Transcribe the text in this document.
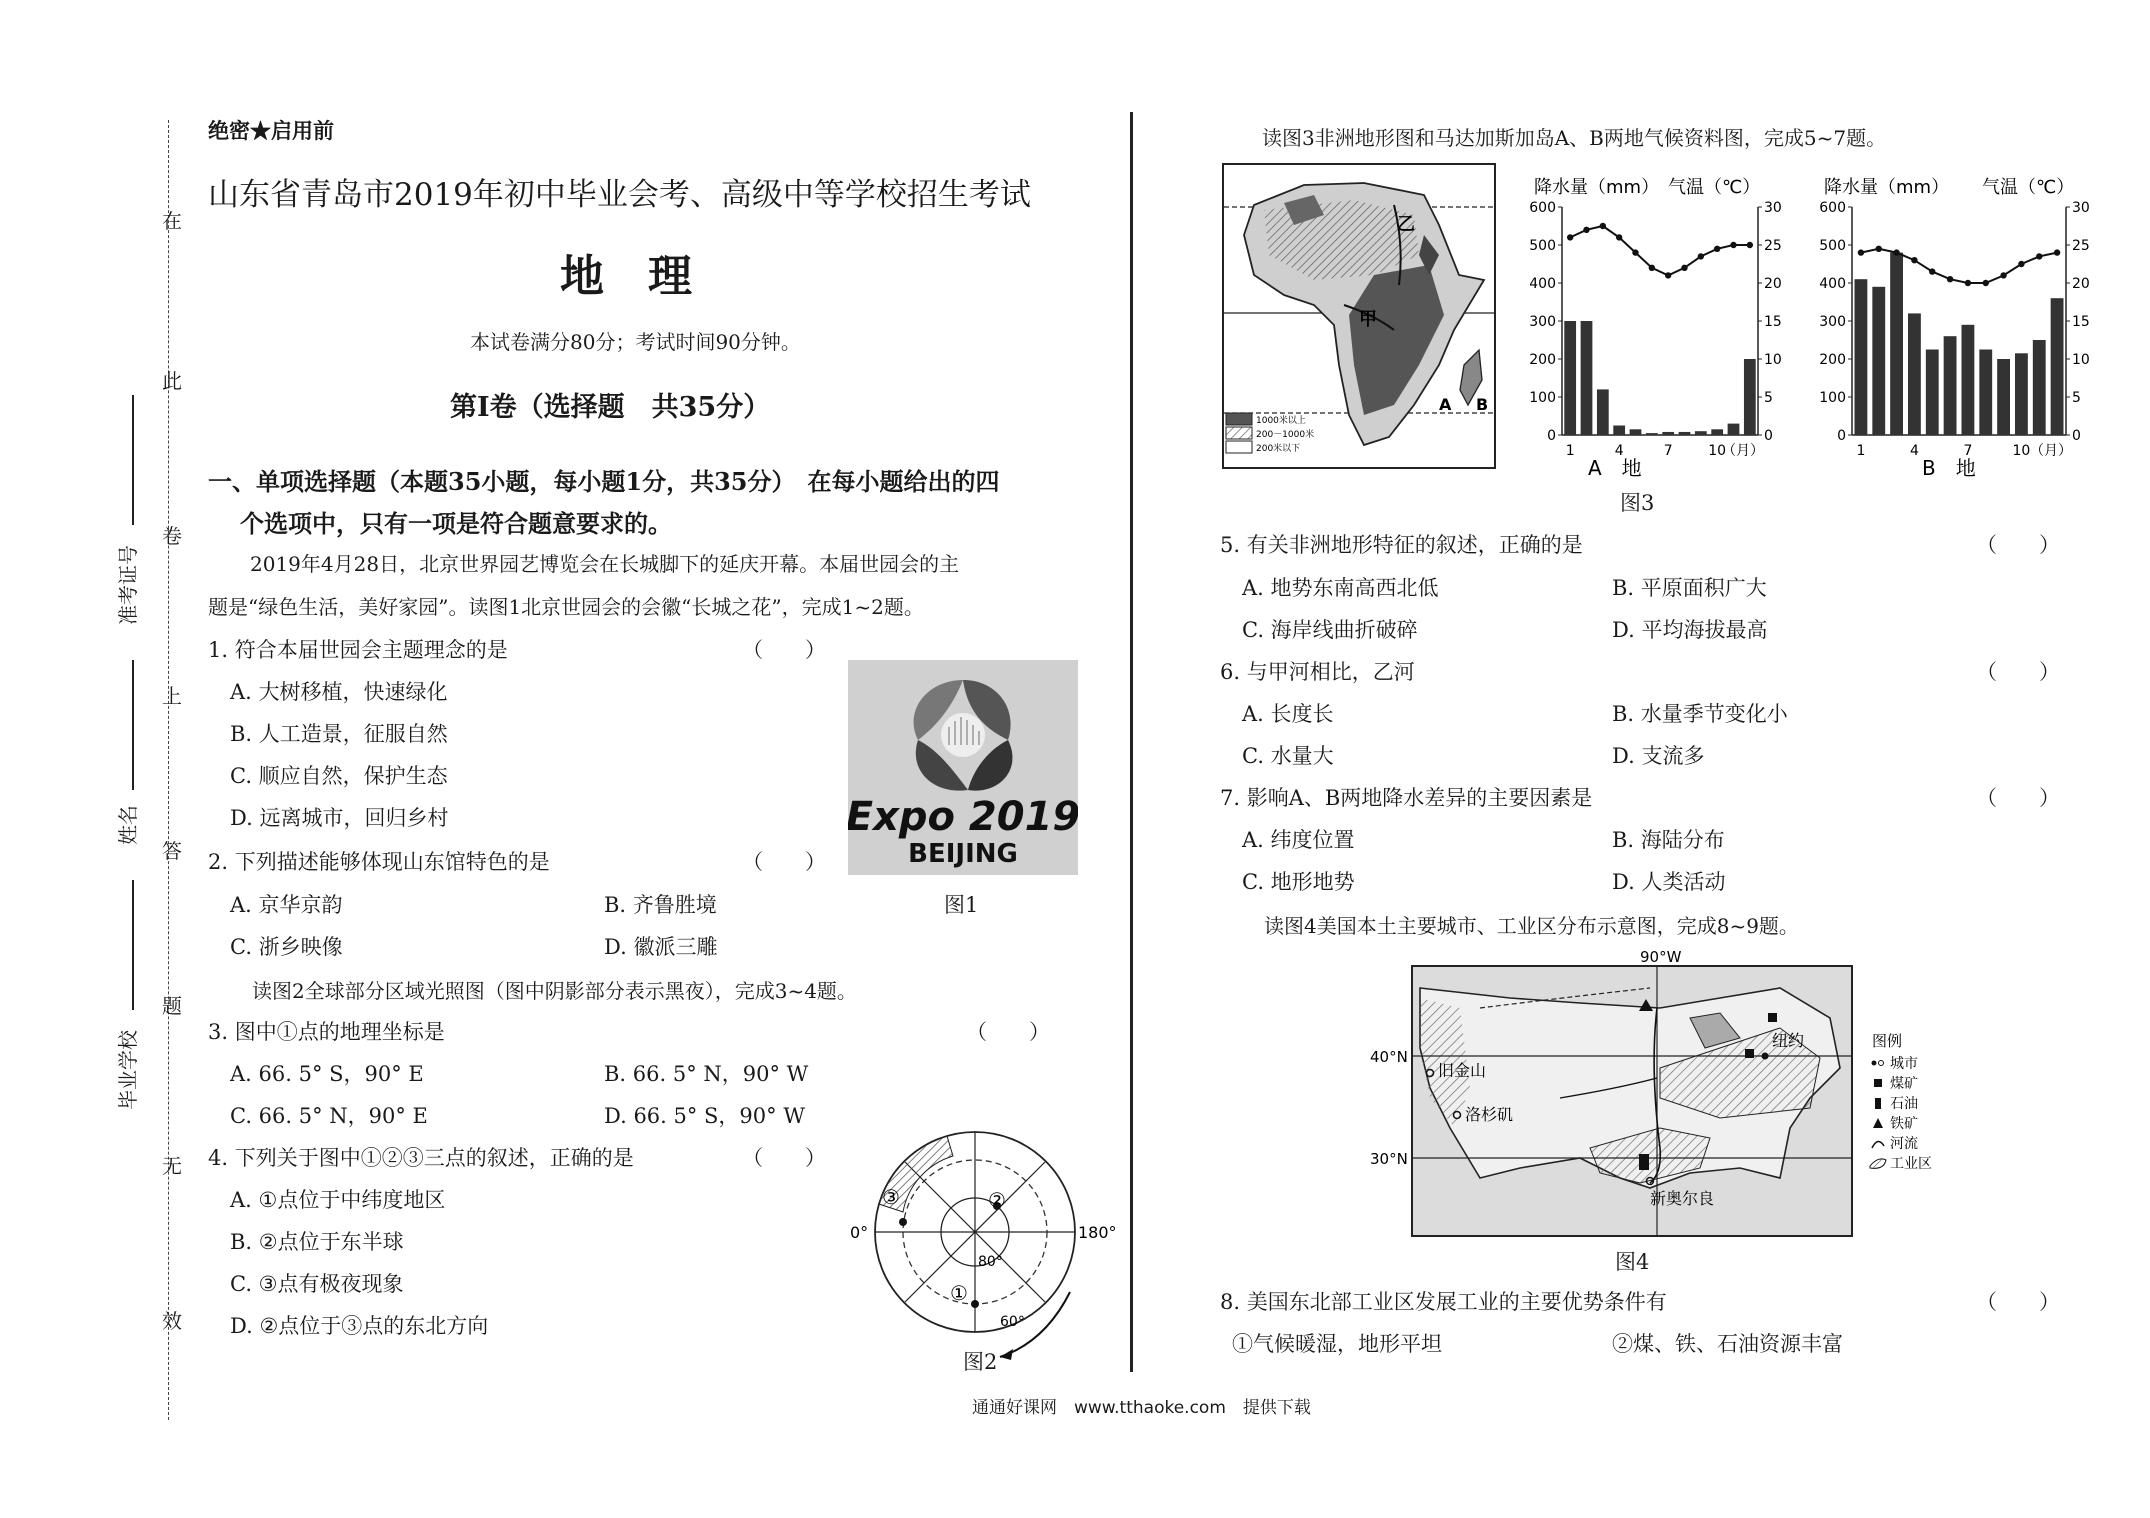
在
此
卷
上
答
题
无
效
准考证号
姓名
毕业学校
绝密★启用前
山东省青岛市2019年初中毕业会考、高级中等学校招生考试
地　理
本试卷满分80分；考试时间90分钟。
第Ⅰ卷（选择题　共35分）
一、单项选择题（本题35小题，每小题1分，共35分）　在每小题给出的四
个选项中，只有一项是符合题意要求的。
2019年4月28日，北京世界园艺博览会在长城脚下的延庆开幕。本届世园会的主
题是“绿色生活，美好家园”。读图1北京世园会的会徽“长城之花”，完成1~2题。
1. 符合本届世园会主题理念的是	（　　）
A. 大树移植，快速绿化
B. 人工造景，征服自然
C. 顺应自然，保护生态
D. 远离城市，回归乡村	Expo 2019
BEIJING
图1
2. 下列描述能够体现山东馆特色的是	（　　）
A. 京华京韵	B. 齐鲁胜境
C. 浙乡映像	D. 徽派三雕
读图2全球部分区域光照图（图中阴影部分表示黑夜），完成3~4题。
3. 图中①点的地理坐标是	（　　）
A. 66. 5° S，90° E	B. 66. 5° N，90° W
C. 66. 5° N，90° E	D. 66. 5° S，90° W
4. 下列关于图中①②③三点的叙述，正确的是	（　　）
A. ①点位于中纬度地区
B. ②点位于东半球
C. ③点有极夜现象
D. ②点位于③点的东北方向
③	②
①
0°	180°
80°
60°
图2
读图3非洲地形图和马达加斯加岛A、B两地气候资料图，完成5~7题。
1000米以上
200－1000米
200米以下
乙
甲
A B
降水量（mm） 气温（℃）
600
500
400
300
200
100
0
30
25
20
15
10
5
0
1	4	7	10
（月）
A　地
降水量（mm） 气温（℃）
600
500
400
300
200
100
0
30
25
20
15
10
5
0
1	4	7	10 （月）
B　地
图3
5. 有关非洲地形特征的叙述，正确的是	（　　）
A. 地势东南高西北低	B. 平原面积广大
C. 海岸线曲折破碎	D. 平均海拔最高
6. 与甲河相比，乙河	（　　）
A. 长度长	B. 水量季节变化小
C. 水量大	D. 支流多
7. 影响A、B两地降水差异的主要因素是	（　　）
A. 纬度位置	B. 海陆分布
C. 地形地势	D. 人类活动
读图4美国本土主要城市、工业区分布示意图，完成8~9题。
90°W
40°N
30°N
旧金山
洛杉矶
纽约
新奥尔良
图例
城市
煤矿
石油
铁矿
河流
工业区
图4
8. 美国东北部工业区发展工业的主要优势条件有	（　　）
①气候暖湿，地形平坦	②煤、铁、石油资源丰富
通通好课网　www.tthaoke.com　提供下载
